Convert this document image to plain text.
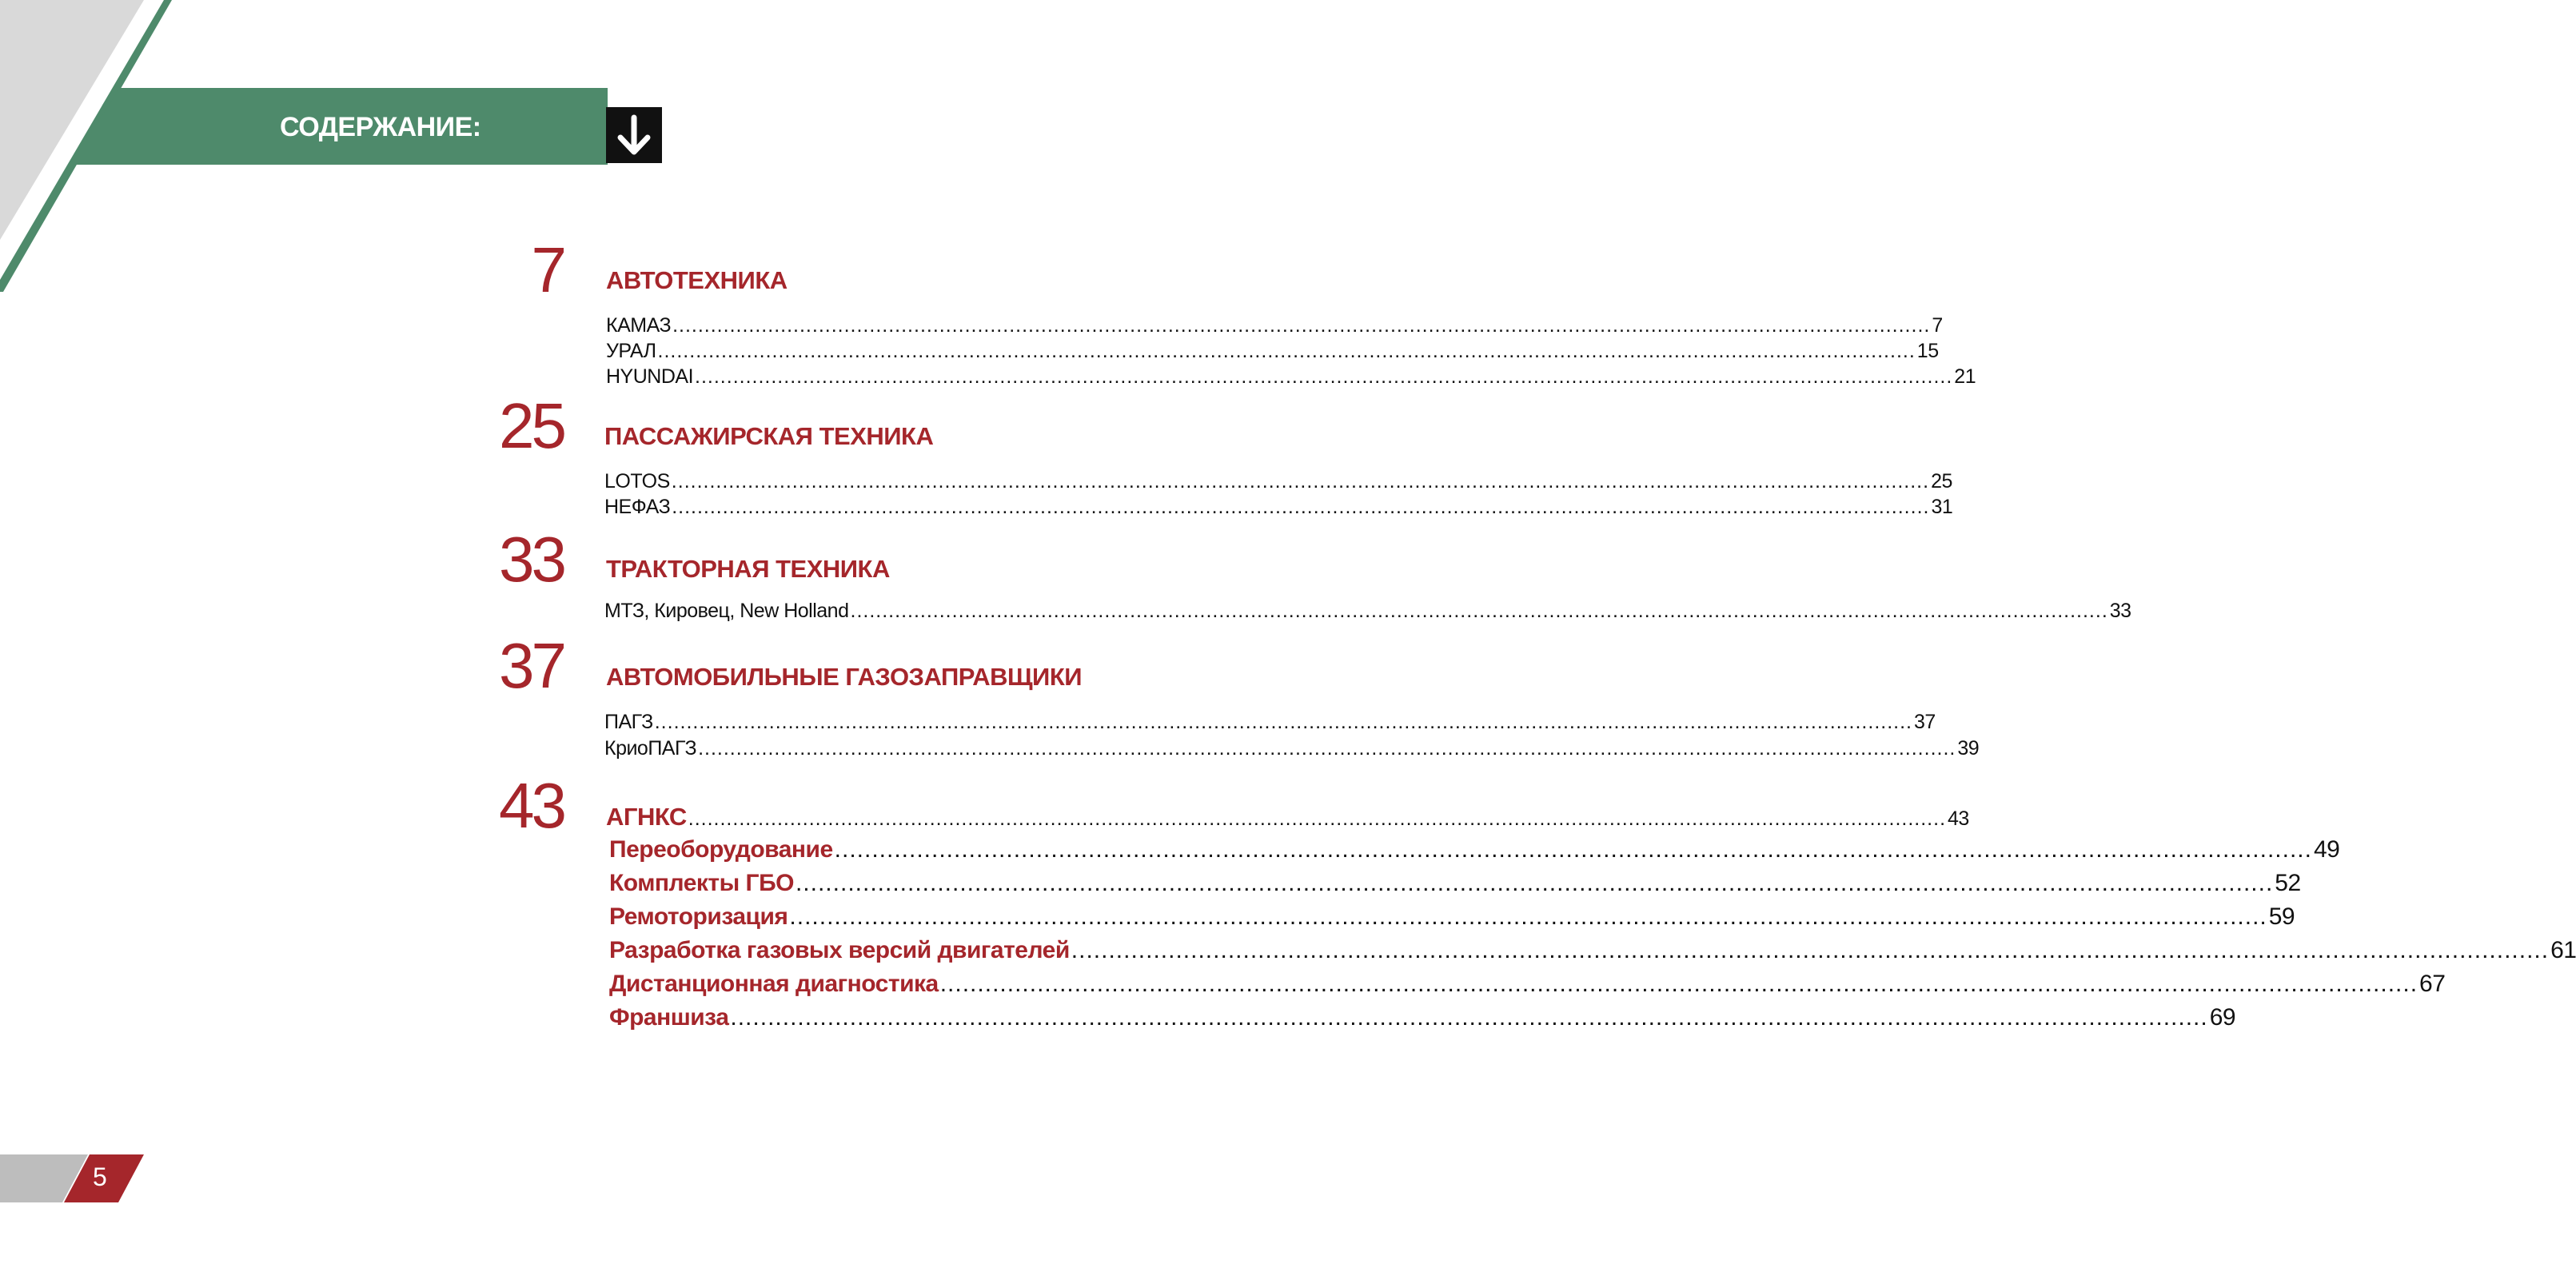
СОДЕРЖАНИЕ:
7 АВТОТЕХНИКА
КАМАЗ ...................................................................................................................................................................................................... 7
УРАЛ ...................................................................................................................................................................................................... 15
HYUNDAI ...................................................................................................................................................................................................... 21
25 ПАССАЖИРСКАЯ ТЕХНИКА
LOTOS ...................................................................................................................................................................................................... 25
НЕФАЗ ...................................................................................................................................................................................................... 31
33 ТРАКТОРНАЯ ТЕХНИКА
МТЗ, Кировец, New Holland ...................................................................................................................................................................................................... 33
37 АВТОМОБИЛЬНЫЕ ГАЗОЗАПРАВЩИКИ
ПАГЗ ...................................................................................................................................................................................................... 37
КриоПАГЗ ...................................................................................................................................................................................................... 39
43 АГНКС ...................................................................................................................................................................................................... 43
Переоборудование ...................................................................................................................................................................................................... 49
Комплекты ГБО ...................................................................................................................................................................................................... 52
Ремоторизация ...................................................................................................................................................................................................... 59
Разработка газовых версий двигателей ...................................................................................................................................................................................................... 61
Дистанционная диагностика ...................................................................................................................................................................................................... 67
Франшиза ...................................................................................................................................................................................................... 69
5
